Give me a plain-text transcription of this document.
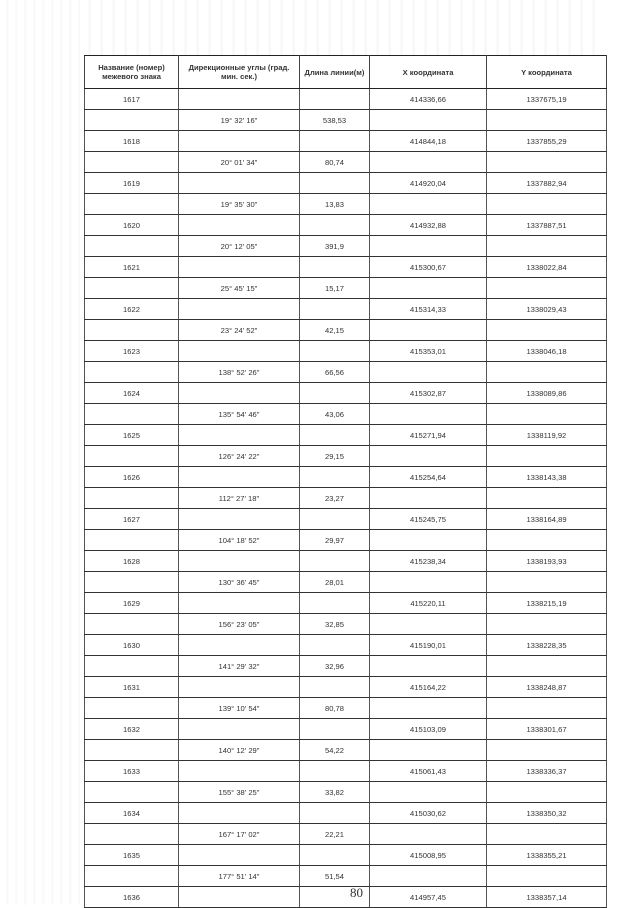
Название (номер) межевого знака	Дирекционные углы (град. мин. сек.)	Длина линии(м)	X координата	Y координата
1617			414336,66	1337675,19
	19° 32' 16"	538,53		
1618			414844,18	1337855,29
	20° 01' 34"	80,74		
1619			414920,04	1337882,94
	19° 35' 30"	13,83		
1620			414932,88	1337887,51
	20° 12' 05"	391,9		
1621			415300,67	1338022,84
	25° 45' 15"	15,17		
1622			415314,33	1338029,43
	23° 24' 52"	42,15		
1623			415353,01	1338046,18
	138° 52' 26"	66,56		
1624			415302,87	1338089,86
	135° 54' 46"	43,06		
1625			415271,94	1338119,92
	126° 24' 22"	29,15		
1626			415254,64	1338143,38
	112° 27' 18"	23,27		
1627			415245,75	1338164,89
	104° 18' 52"	29,97		
1628			415238,34	1338193,93
	130° 36' 45"	28,01		
1629			415220,11	1338215,19
	156° 23' 05"	32,85		
1630			415190,01	1338228,35
	141° 29' 32"	32,96		
1631			415164,22	1338248,87
	139° 10' 54"	80,78		
1632			415103,09	1338301,67
	140° 12' 29"	54,22		
1633			415061,43	1338336,37
	155° 38' 25"	33,82		
1634			415030,62	1338350,32
	167° 17' 02"	22,21		
1635			415008,95	1338355,21
	177° 51' 14"	51,54		
1636			414957,45	1338357,14
80
